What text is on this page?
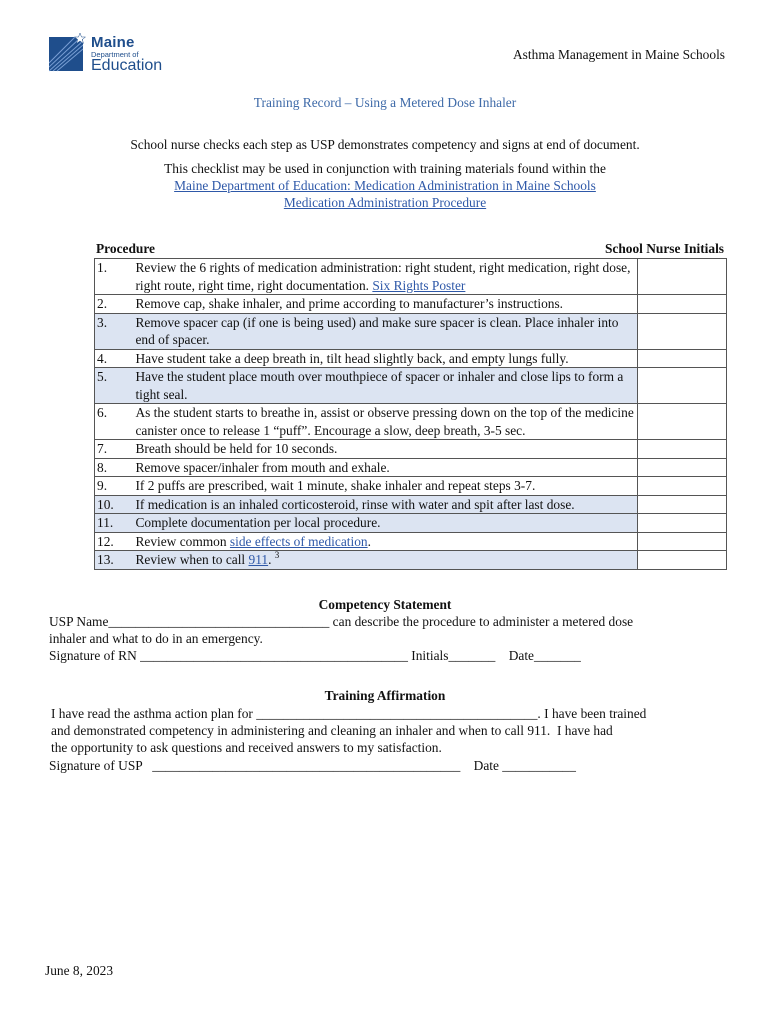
Maine
Department of
Education
Asthma Management in Maine Schools
Training Record – Using a Metered Dose Inhaler
School nurse checks each step as USP demonstrates competency and signs at end of document.
This checklist may be used in conjunction with training materials found within the
Maine Department of Education: Medication Administration in Maine Schools
Medication Administration Procedure
Procedure	School Nurse Initials
1.	Review the 6 rights of medication administration: right student, right medication, right dose, right route, right time, right documentation. Six Rights Poster	
2.	Remove cap, shake inhaler, and prime according to manufacturer’s instructions.	
3.	Remove spacer cap (if one is being used) and make sure spacer is clean. Place inhaler into end of spacer.	
4.	Have student take a deep breath in, tilt head slightly back, and empty lungs fully.	
5.	Have the student place mouth over mouthpiece of spacer or inhaler and close lips to form a tight seal.	
6.	As the student starts to breathe in, assist or observe pressing down on the top of the medicine canister once to release 1 “puff”. Encourage a slow, deep breath, 3-5 sec.	
7.	Breath should be held for 10 seconds.	
8.	Remove spacer/inhaler from mouth and exhale.	
9.	If 2 puffs are prescribed, wait 1 minute, shake inhaler and repeat steps 3-7.	
10.	If medication is an inhaled corticosteroid, rinse with water and spit after last dose.	
11.	Complete documentation per local procedure.	
12.	Review common side effects of medication.	
13.	Review when to call 911. $^3$	
Competency Statement
USP Name_________________________________ can describe the procedure to administer a metered dose
inhaler and what to do in an emergency.
Signature of RN ________________________________________ Initials_______    Date_______
Training Affirmation
I have read the asthma action plan for __________________________________________. I have been trained
and demonstrated competency in administering and cleaning an inhaler and when to call 911.  I have had
the opportunity to ask questions and received answers to my satisfaction.
Signature of USP   ______________________________________________    Date ___________
June 8, 2023
